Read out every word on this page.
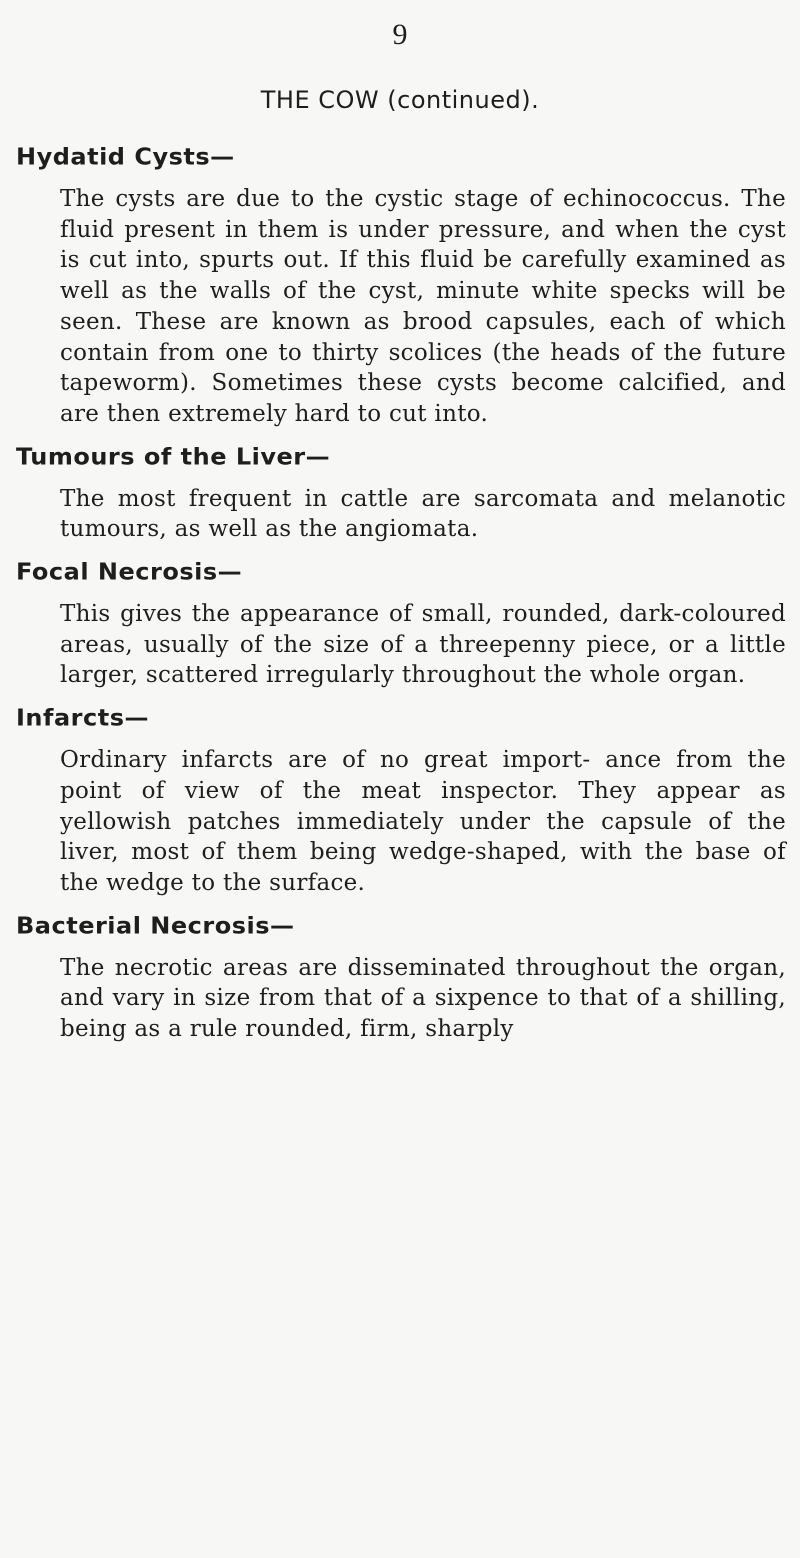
9
THE COW (continued).
Hydatid Cysts—
The cysts are due to the cystic stage of echinococcus. The fluid present in them is under pressure, and when the cyst is cut into, spurts out. If this fluid be carefully examined as well as the walls of the cyst, minute white specks will be seen. These are known as brood capsules, each of which contain from one to thirty scolices (the heads of the future tapeworm). Sometimes these cysts become calcified, and are then extremely hard to cut into.
Tumours of the Liver—
The most frequent in cattle are sarcomata and melanotic tumours, as well as the angiomata.
Focal Necrosis—
This gives the appearance of small, rounded, dark-coloured areas, usually of the size of a threepenny piece, or a little larger, scattered irregularly throughout the whole organ.
Infarcts—
Ordinary infarcts are of no great import- ance from the point of view of the meat inspector. They appear as yellowish patches immediately under the capsule of the liver, most of them being wedge-shaped, with the base of the wedge to the surface.
Bacterial Necrosis—
The necrotic areas are disseminated throughout the organ, and vary in size from that of a sixpence to that of a shilling, being as a rule rounded, firm, sharply
